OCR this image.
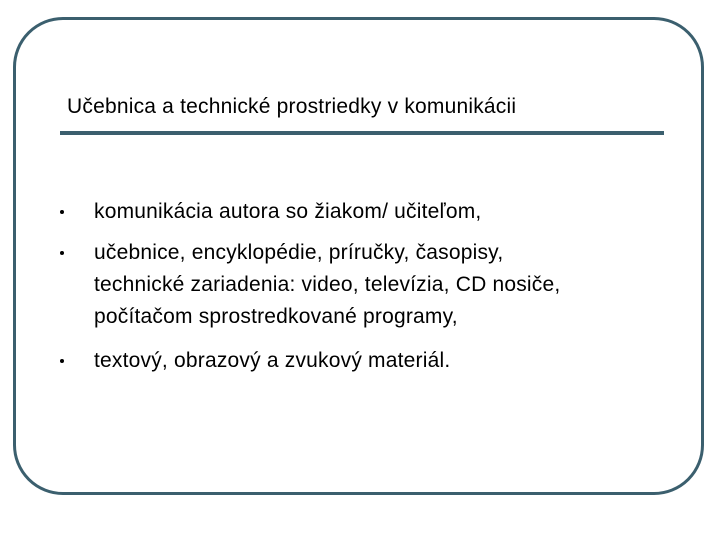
Učebnica a technické prostriedky v komunikácii
komunikácia autora so žiakom/ učiteľom,
učebnice, encyklopédie, príručky, časopisy,
technické zariadenia: video, televízia, CD nosiče,
počítačom sprostredkované programy,
textový, obrazový a zvukový materiál.
